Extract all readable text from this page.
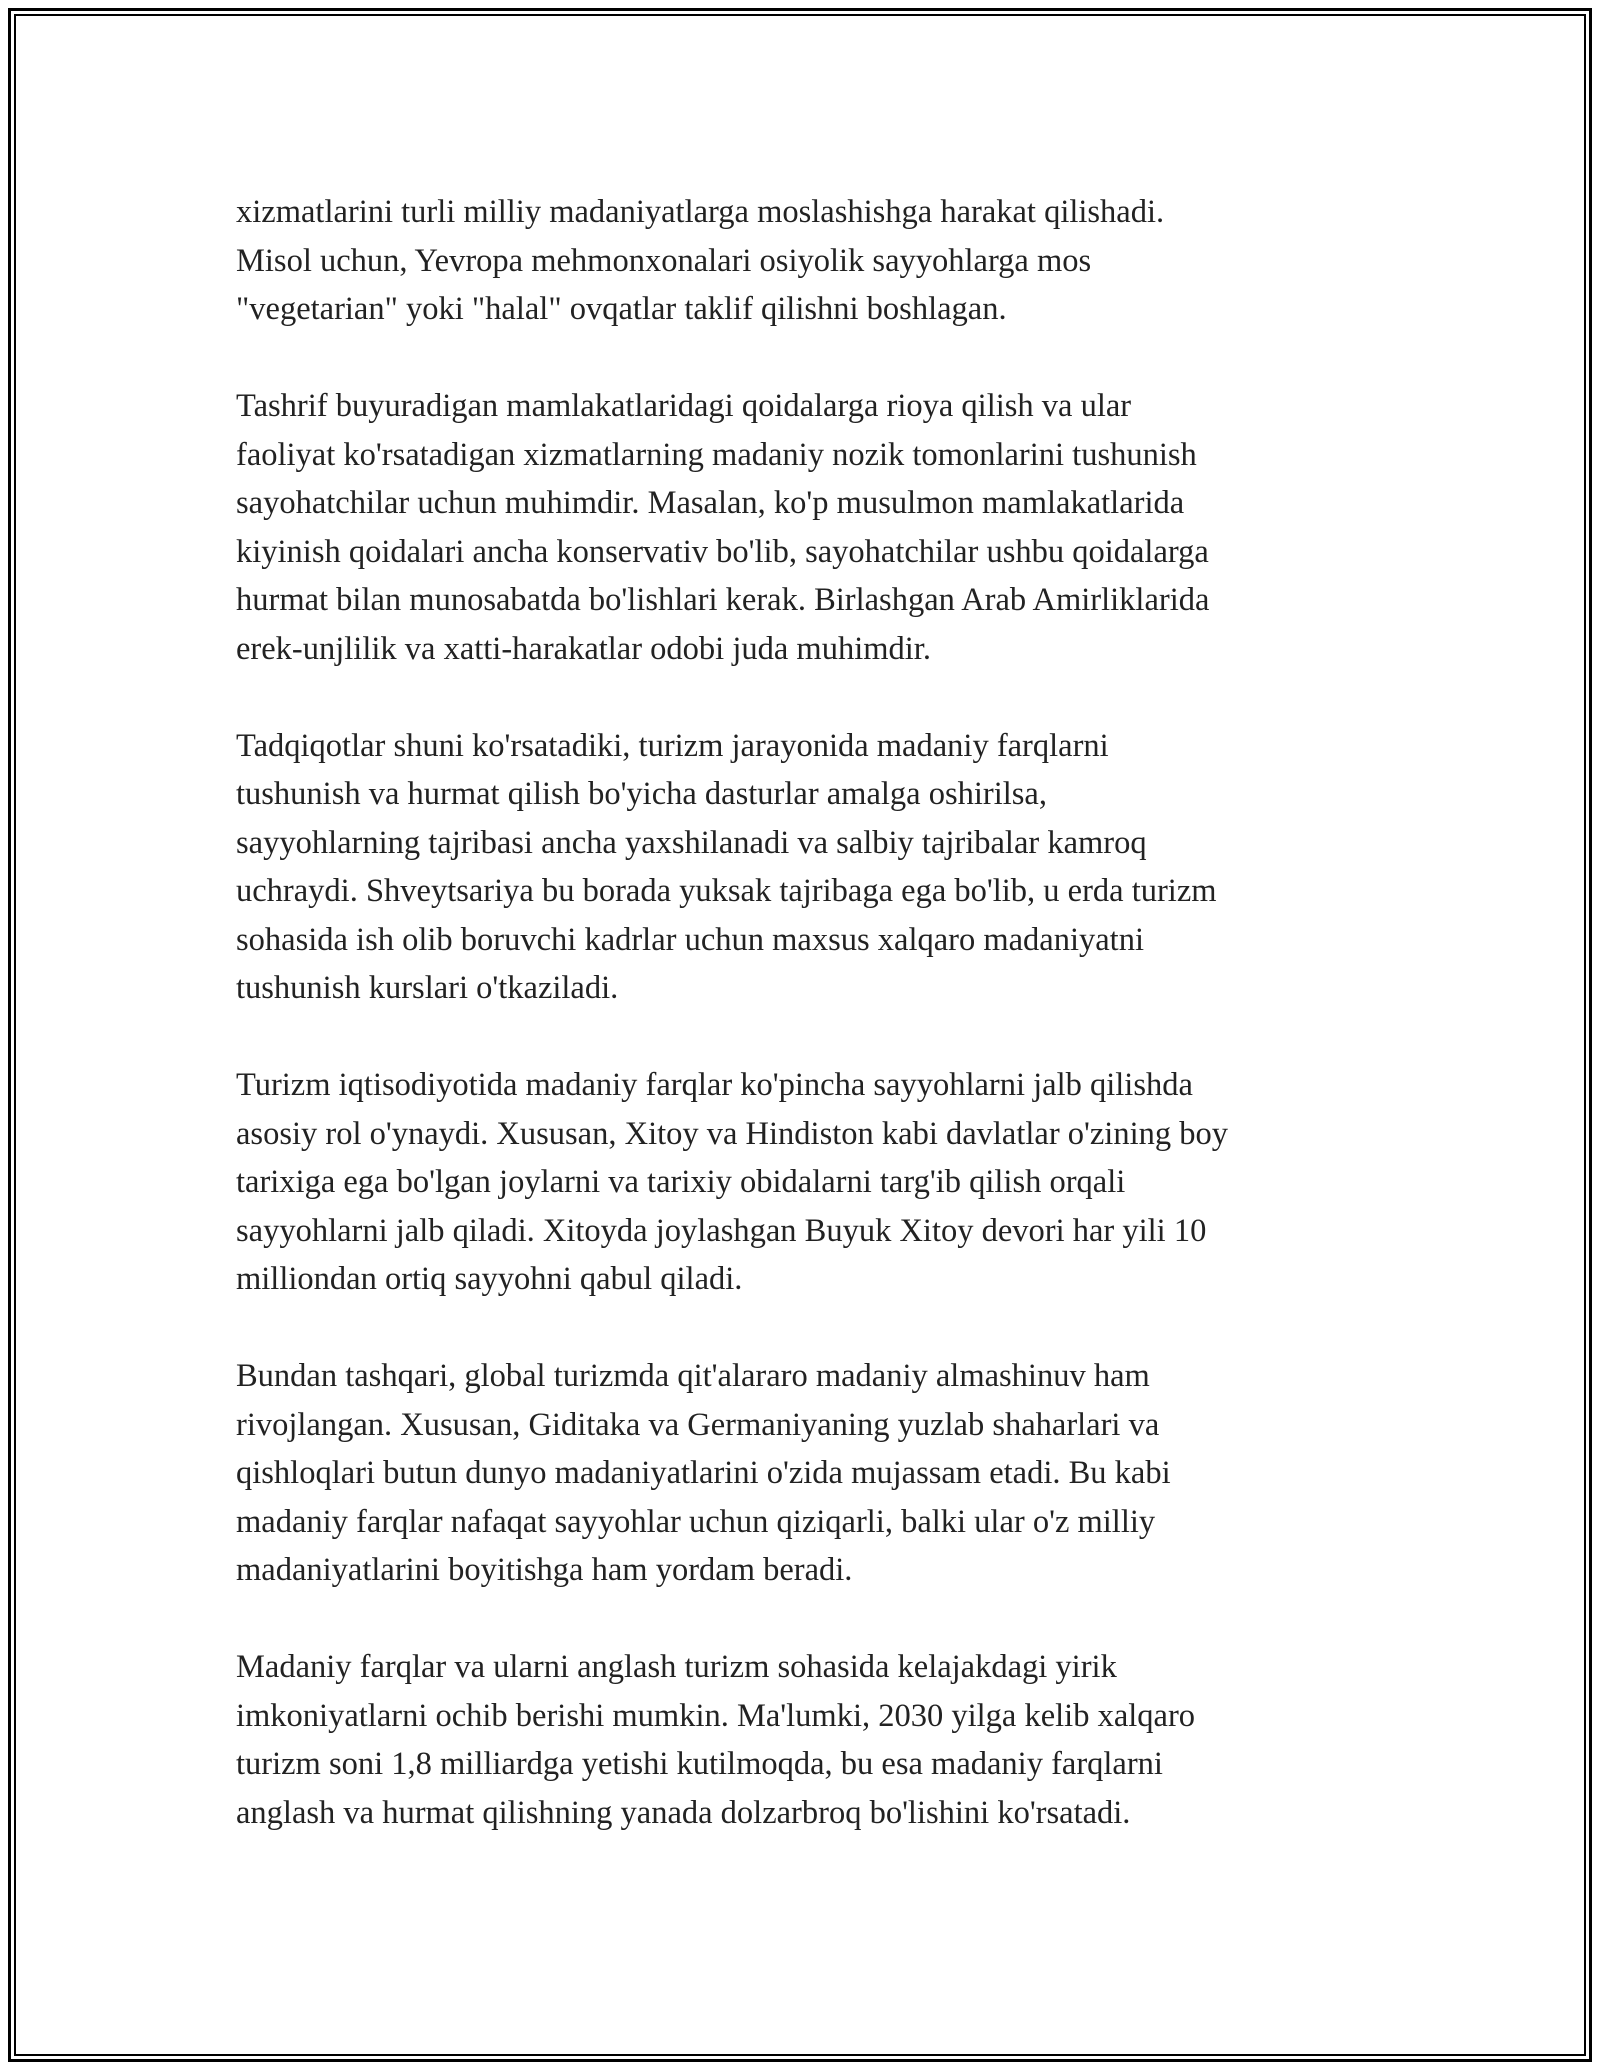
xizmatlarini turli milliy madaniyatlarga moslashishga harakat qilishadi.
Misol uchun, Yevropa mehmonxonalari osiyolik sayyohlarga mos
"vegetarian" yoki "halal" ovqatlar taklif qilishni boshlagan.

Tashrif buyuradigan mamlakatlaridagi qoidalarga rioya qilish va ular
faoliyat ko'rsatadigan xizmatlarning madaniy nozik tomonlarini tushunish
sayohatchilar uchun muhimdir. Masalan, ko'p musulmon mamlakatlarida
kiyinish qoidalari ancha konservativ bo'lib, sayohatchilar ushbu qoidalarga
hurmat bilan munosabatda bo'lishlari kerak. Birlashgan Arab Amirliklarida
erek-unjlilik va xatti-harakatlar odobi juda muhimdir.

Tadqiqotlar shuni ko'rsatadiki, turizm jarayonida madaniy farqlarni
tushunish va hurmat qilish bo'yicha dasturlar amalga oshirilsa,
sayyohlarning tajribasi ancha yaxshilanadi va salbiy tajribalar kamroq
uchraydi. Shveytsariya bu borada yuksak tajribaga ega bo'lib, u erda turizm
sohasida ish olib boruvchi kadrlar uchun maxsus xalqaro madaniyatni
tushunish kurslari o'tkaziladi.

Turizm iqtisodiyotida madaniy farqlar ko'pincha sayyohlarni jalb qilishda
asosiy rol o'ynaydi. Xususan, Xitoy va Hindiston kabi davlatlar o'zining boy
tarixiga ega bo'lgan joylarni va tarixiy obidalarni targ'ib qilish orqali
sayyohlarni jalb qiladi. Xitoyda joylashgan Buyuk Xitoy devori har yili 10
milliondan ortiq sayyohni qabul qiladi.

Bundan tashqari, global turizmda qit'alararo madaniy almashinuv ham
rivojlangan. Xususan, Giditaka va Germaniyaning yuzlab shaharlari va
qishloqlari butun dunyo madaniyatlarini o'zida mujassam etadi. Bu kabi
madaniy farqlar nafaqat sayyohlar uchun qiziqarli, balki ular o'z milliy
madaniyatlarini boyitishga ham yordam beradi.

Madaniy farqlar va ularni anglash turizm sohasida kelajakdagi yirik
imkoniyatlarni ochib berishi mumkin. Ma'lumki, 2030 yilga kelib xalqaro
turizm soni 1,8 milliardga yetishi kutilmoqda, bu esa madaniy farqlarni
anglash va hurmat qilishning yanada dolzarbroq bo'lishini ko'rsatadi.
